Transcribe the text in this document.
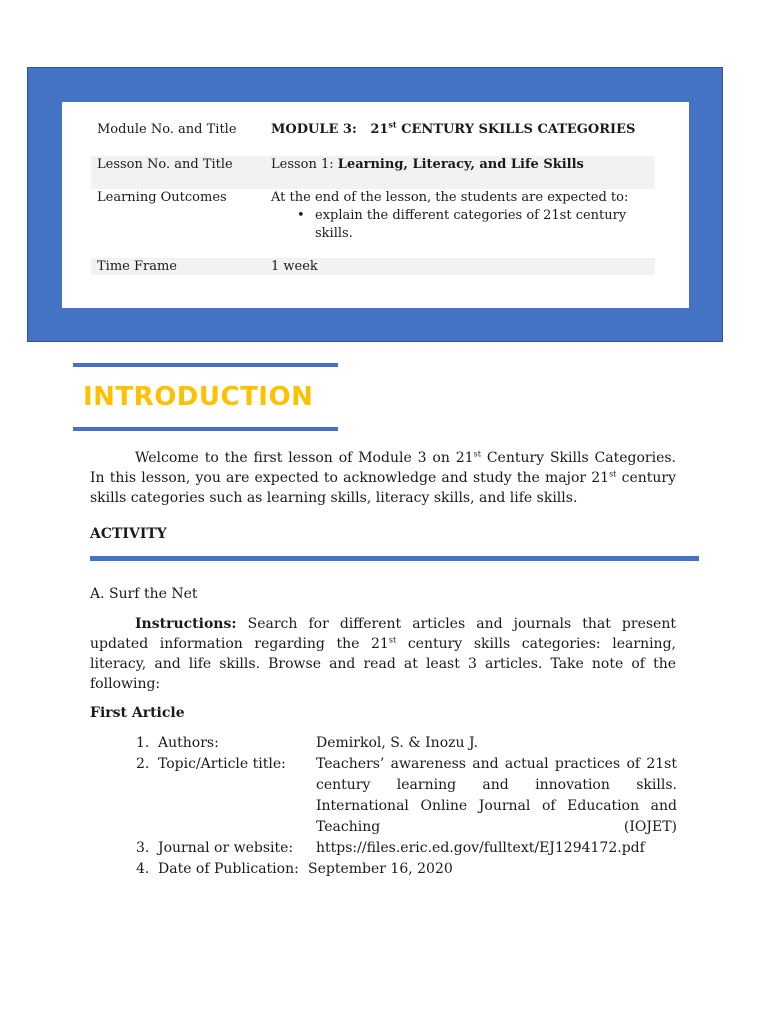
Module No. and Title	MODULE 3:   21st CENTURY SKILLS CATEGORIES
Lesson No. and Title	Lesson 1: Learning, Literacy, and Life Skills
Learning Outcomes	At the end of the lesson, the students are expected to:
• explain the different categories of 21st century skills.
Time Frame	1 week
INTRODUCTION
Welcome to the first lesson of Module 3 on 21st Century Skills Categories. In this lesson, you are expected to acknowledge and study the major 21st century skills categories such as learning skills, literacy skills, and life skills.
ACTIVITY
A. Surf the Net
Instructions: Search for different articles and journals that present updated information regarding the 21st century skills categories: learning, literacy, and life skills. Browse and read at least 3 articles. Take note of the following:
First Article
1. Authors:	Demirkol, S. & Inozu J.
2. Topic/Article title: Teachers’ awareness and actual practices of 21st
century learning and innovation skills.
International Online Journal of Education and
Teaching (IOJET)
3. Journal or website: https://files.eric.ed.gov/fulltext/EJ1294172.pdf
4. Date of Publication: September 16, 2020
